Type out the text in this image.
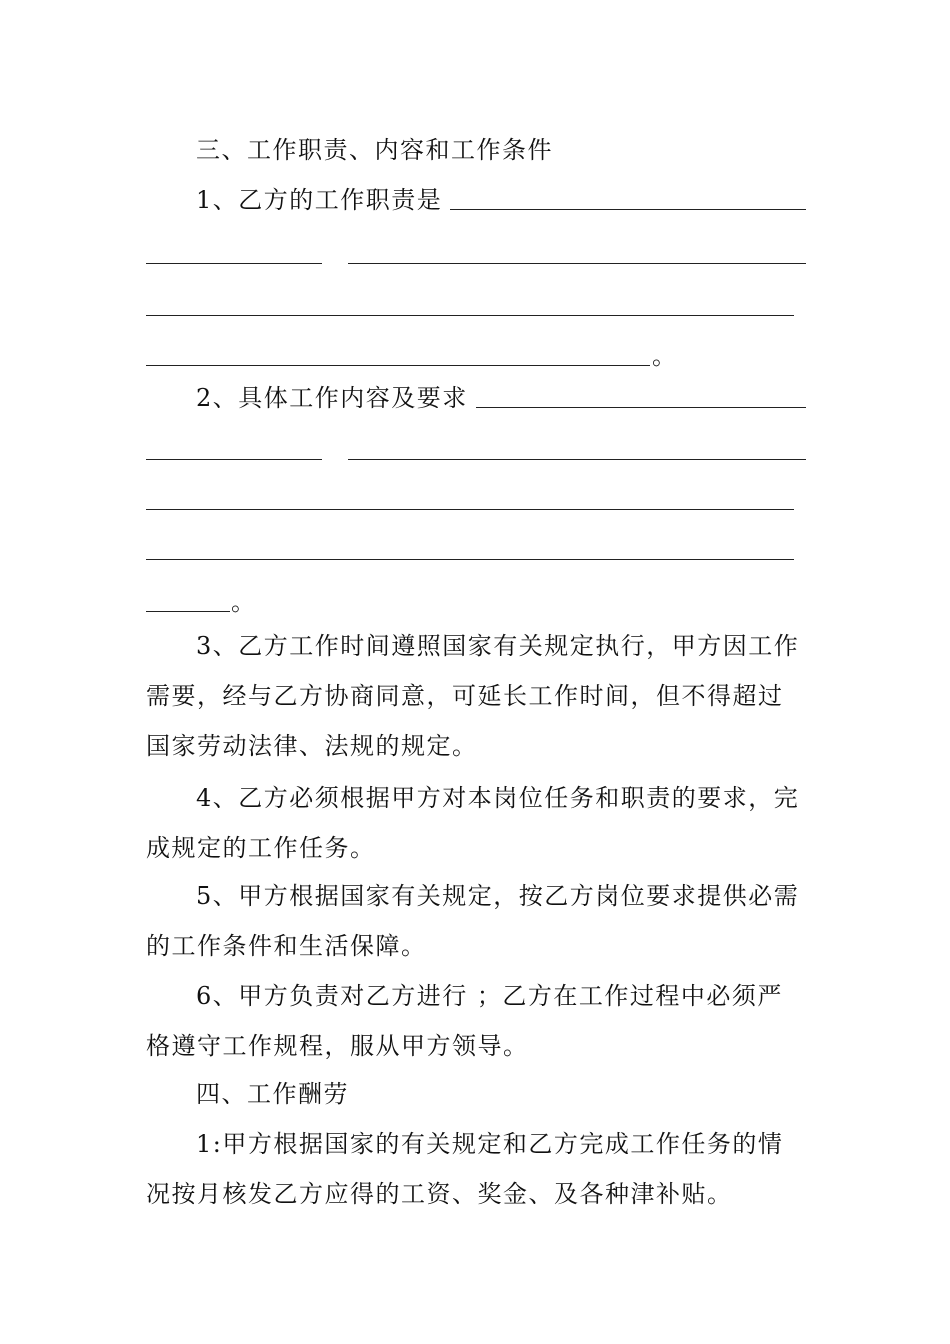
三、工作职责、内容和工作条件
1、乙方的工作职责是
。
2、具体工作内容及要求
。
3、乙方工作时间遵照国家有关规定执行，甲方因工作
需要，经与乙方协商同意，可延长工作时间，但不得超过
国家劳动法律、法规的规定。
4、乙方必须根据甲方对本岗位任务和职责的要求，完
成规定的工作任务。
5、甲方根据国家有关规定，按乙方岗位要求提供必需
的工作条件和生活保障。
6、甲方负责对乙方进行 ；乙方在工作过程中必须严
格遵守工作规程，服从甲方领导。
四、工作酬劳
1:甲方根据国家的有关规定和乙方完成工作任务的情
况按月核发乙方应得的工资、奖金、及各种津补贴。
